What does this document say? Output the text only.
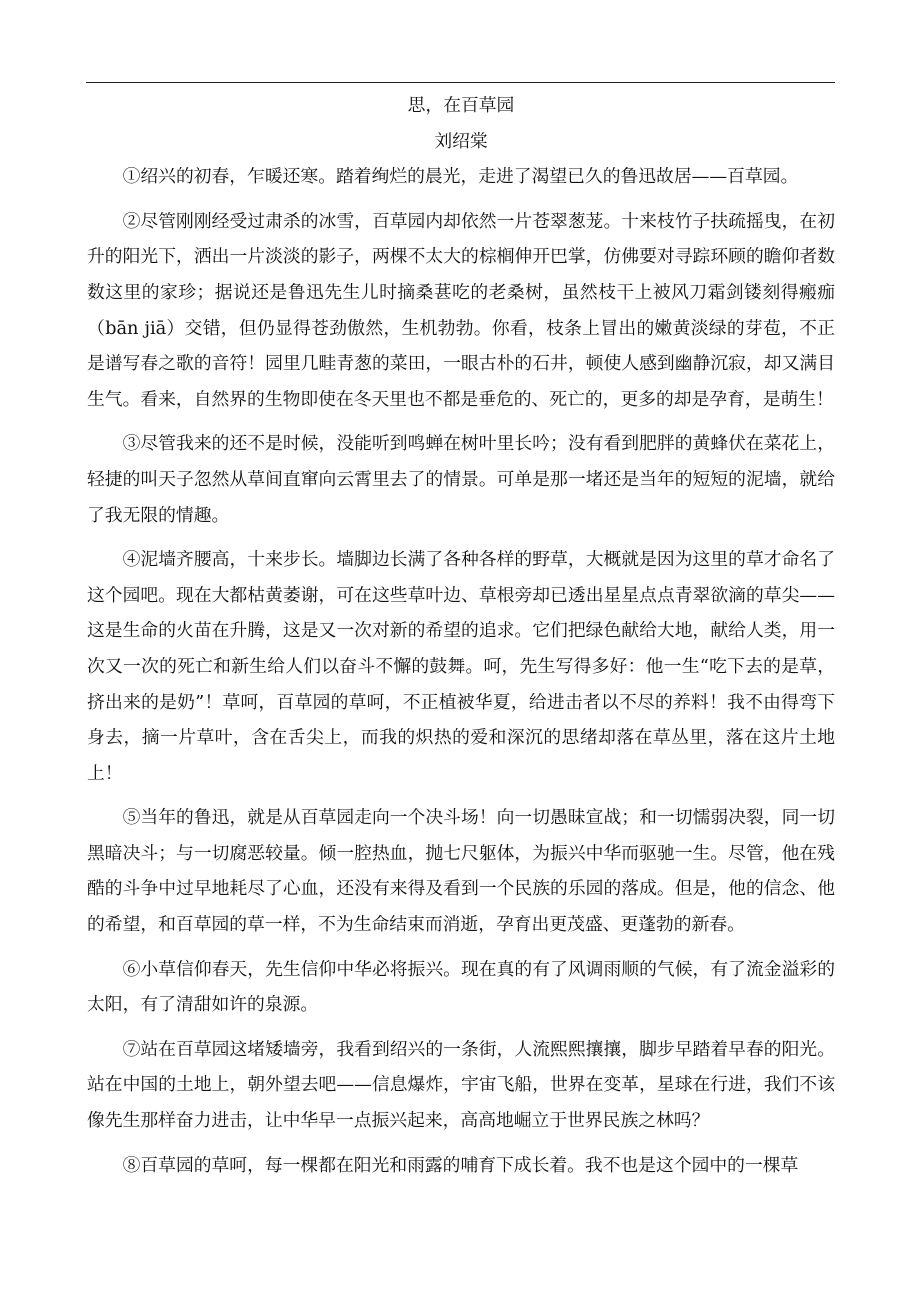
思，在百草园
刘绍棠

①绍兴的初春，乍暖还寒。踏着绚烂的晨光，走进了渴望已久的鲁迅故居——百草园。

②尽管刚刚经受过肃杀的冰雪，百草园内却依然一片苍翠葱茏。十来枝竹子扶疏摇曳，在初升的阳光下，洒出一片淡淡的影子，两棵不太大的棕榈伸开巴掌，仿佛要对寻踪环顾的瞻仰者数数这里的家珍；据说还是鲁迅先生儿时摘桑葚吃的老桑树，虽然枝干上被风刀霜剑镂刻得瘢痂（bān jiā）交错，但仍显得苍劲傲然，生机勃勃。你看，枝条上冒出的嫩黄淡绿的芽苞，不正是谱写春之歌的音符！园里几畦青葱的菜田，一眼古朴的石井，顿使人感到幽静沉寂，却又满目生气。看来，自然界的生物即使在冬天里也不都是垂危的、死亡的，更多的却是孕育，是萌生！

③尽管我来的还不是时候，没能听到鸣蝉在树叶里长吟；没有看到肥胖的黄蜂伏在菜花上，轻捷的叫天子忽然从草间直窜向云霄里去了的情景。可单是那一堵还是当年的短短的泥墙，就给了我无限的情趣。

④泥墙齐腰高，十来步长。墙脚边长满了各种各样的野草，大概就是因为这里的草才命名了这个园吧。现在大都枯黄萎谢，可在这些草叶边、草根旁却已透出星星点点青翠欲滴的草尖——这是生命的火苗在升腾，这是又一次对新的希望的追求。它们把绿色献给大地，献给人类，用一次又一次的死亡和新生给人们以奋斗不懈的鼓舞。呵，先生写得多好：他一生“吃下去的是草，挤出来的是奶”！草呵，百草园的草呵，不正植被华夏，给进击者以不尽的养料！我不由得弯下身去，摘一片草叶，含在舌尖上，而我的炽热的爱和深沉的思绪却落在草丛里，落在这片土地上！

⑤当年的鲁迅，就是从百草园走向一个决斗场！向一切愚昧宣战；和一切懦弱决裂，同一切黑暗决斗；与一切腐恶较量。倾一腔热血，抛七尺躯体，为振兴中华而驱驰一生。尽管，他在残酷的斗争中过早地耗尽了心血，还没有来得及看到一个民族的乐园的落成。但是，他的信念、他的希望，和百草园的草一样，不为生命结束而消逝，孕育出更茂盛、更蓬勃的新春。

⑥小草信仰春天，先生信仰中华必将振兴。现在真的有了风调雨顺的气候，有了流金溢彩的太阳，有了清甜如许的泉源。

⑦站在百草园这堵矮墙旁，我看到绍兴的一条街，人流熙熙攘攘，脚步早踏着早春的阳光。站在中国的土地上，朝外望去吧——信息爆炸，宇宙飞船，世界在变革，星球在行进，我们不该像先生那样奋力进击，让中华早一点振兴起来，高高地崛立于世界民族之林吗？

⑧百草园的草呵，每一棵都在阳光和雨露的哺育下成长着。我不也是这个园中的一棵草
